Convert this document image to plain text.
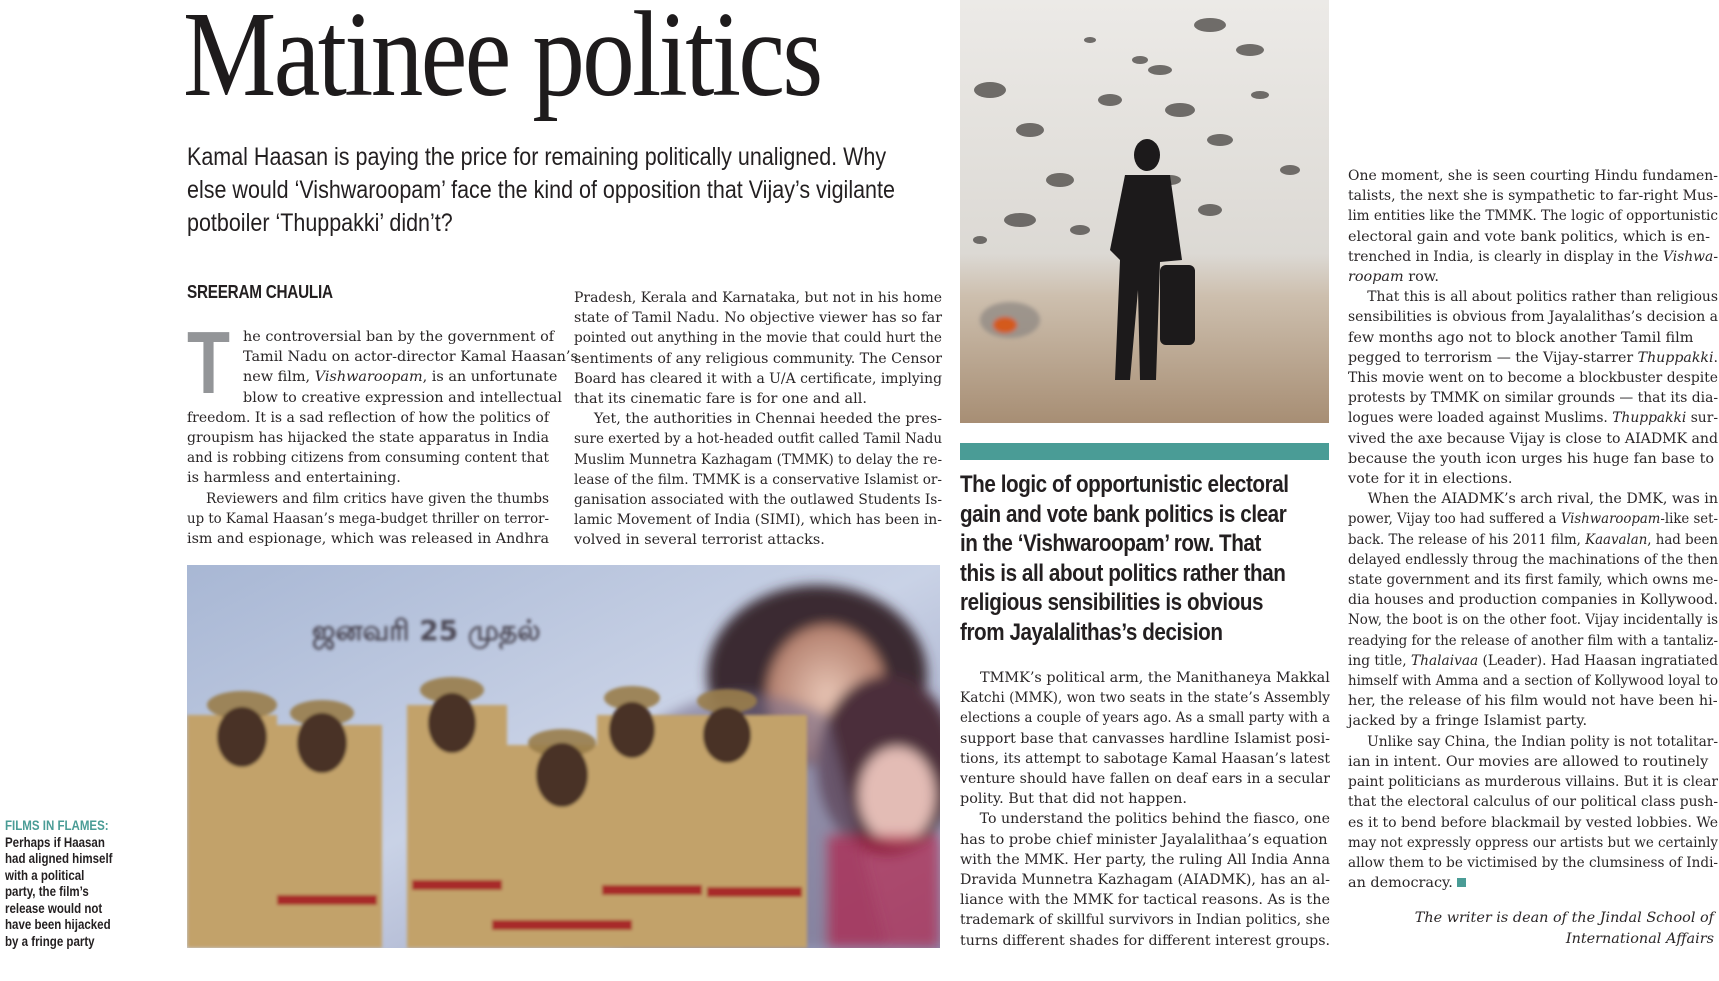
Matinee politics
Kamal Haasan is paying the price for remaining politically unaligned. Why
else would ‘Vishwaroopam’ face the kind of opposition that Vijay’s vigilante
potboiler ‘Thuppakki’ didn’t?
SREERAM CHAULIA
T he controversial ban by the government of
Tamil Nadu on actor-director Kamal Haasan’s
new film, Vishwaroopam, is an unfortunate
blow to creative expression and intellectual
freedom. It is a sad reflection of how the politics of
groupism has hijacked the state apparatus in India
and is robbing citizens from consuming content that
is harmless and entertaining.
Reviewers and film critics have given the thumbs
up to Kamal Haasan’s mega-budget thriller on terror-
ism and espionage, which was released in Andhra
Pradesh, Kerala and Karnataka, but not in his home
state of Tamil Nadu. No objective viewer has so far
pointed out anything in the movie that could hurt the
sentiments of any religious community. The Censor
Board has cleared it with a U/A certificate, implying
that its cinematic fare is for one and all.
Yet, the authorities in Chennai heeded the pres-
sure exerted by a hot-headed outfit called Tamil Nadu
Muslim Munnetra Kazhagam (TMMK) to delay the re-
lease of the film. TMMK is a conservative Islamist or-
ganisation associated with the outlawed Students Is-
lamic Movement of India (SIMI), which has been in-
volved in several terrorist attacks.
ஜனவரி 25 முதல்
The logic of opportunistic electoral
gain and vote bank politics is clear
in the ‘Vishwaroopam’ row. That
this is all about politics rather than
religious sensibilities is obvious
from Jayalalithas’s decision
TMMK’s political arm, the Manithaneya Makkal
Katchi (MMK), won two seats in the state’s Assembly
elections a couple of years ago. As a small party with a
support base that canvasses hardline Islamist posi-
tions, its attempt to sabotage Kamal Haasan’s latest
venture should have fallen on deaf ears in a secular
polity. But that did not happen.
To understand the politics behind the fiasco, one
has to probe chief minister Jayalalithaa’s equation
with the MMK. Her party, the ruling All India Anna
Dravida Munnetra Kazhagam (AIADMK), has an al-
liance with the MMK for tactical reasons. As is the
trademark of skillful survivors in Indian politics, she
turns different shades for different interest groups.
One moment, she is seen courting Hindu fundamen-
talists, the next she is sympathetic to far-right Mus-
lim entities like the TMMK. The logic of opportunistic
electoral gain and vote bank politics, which is en-
trenched in India, is clearly in display in the Vishwa-
roopam row.
That this is all about politics rather than religious
sensibilities is obvious from Jayalalithas’s decision a
few months ago not to block another Tamil film
pegged to terrorism — the Vijay-starrer Thuppakki.
This movie went on to become a blockbuster despite
protests by TMMK on similar grounds — that its dia-
logues were loaded against Muslims. Thuppakki sur-
vived the axe because Vijay is close to AIADMK and
because the youth icon urges his huge fan base to
vote for it in elections.
When the AIADMK’s arch rival, the DMK, was in
power, Vijay too had suffered a Vishwaroopam-like set-
back. The release of his 2011 film, Kaavalan, had been
delayed endlessly throug the machinations of the then
state government and its first family, which owns me-
dia houses and production companies in Kollywood.
Now, the boot is on the other foot. Vijay incidentally is
readying for the release of another film with a tantaliz-
ing title, Thalaivaa (Leader). Had Haasan ingratiated
himself with Amma and a section of Kollywood loyal to
her, the release of his film would not have been hi-
jacked by a fringe Islamist party.
Unlike say China, the Indian polity is not totalitar-
ian in intent. Our movies are allowed to routinely
paint politicians as murderous villains. But it is clear
that the electoral calculus of our political class push-
es it to bend before blackmail by vested lobbies. We
may not expressly oppress our artists but we certainly
allow them to be victimised by the clumsiness of Indi-
an democracy.
The writer is dean of the Jindal School of
International Affairs
FILMS IN FLAMES:
Perhaps if Haasan
had aligned himself
with a political
party, the film’s
release would not
have been hijacked
by a fringe party
